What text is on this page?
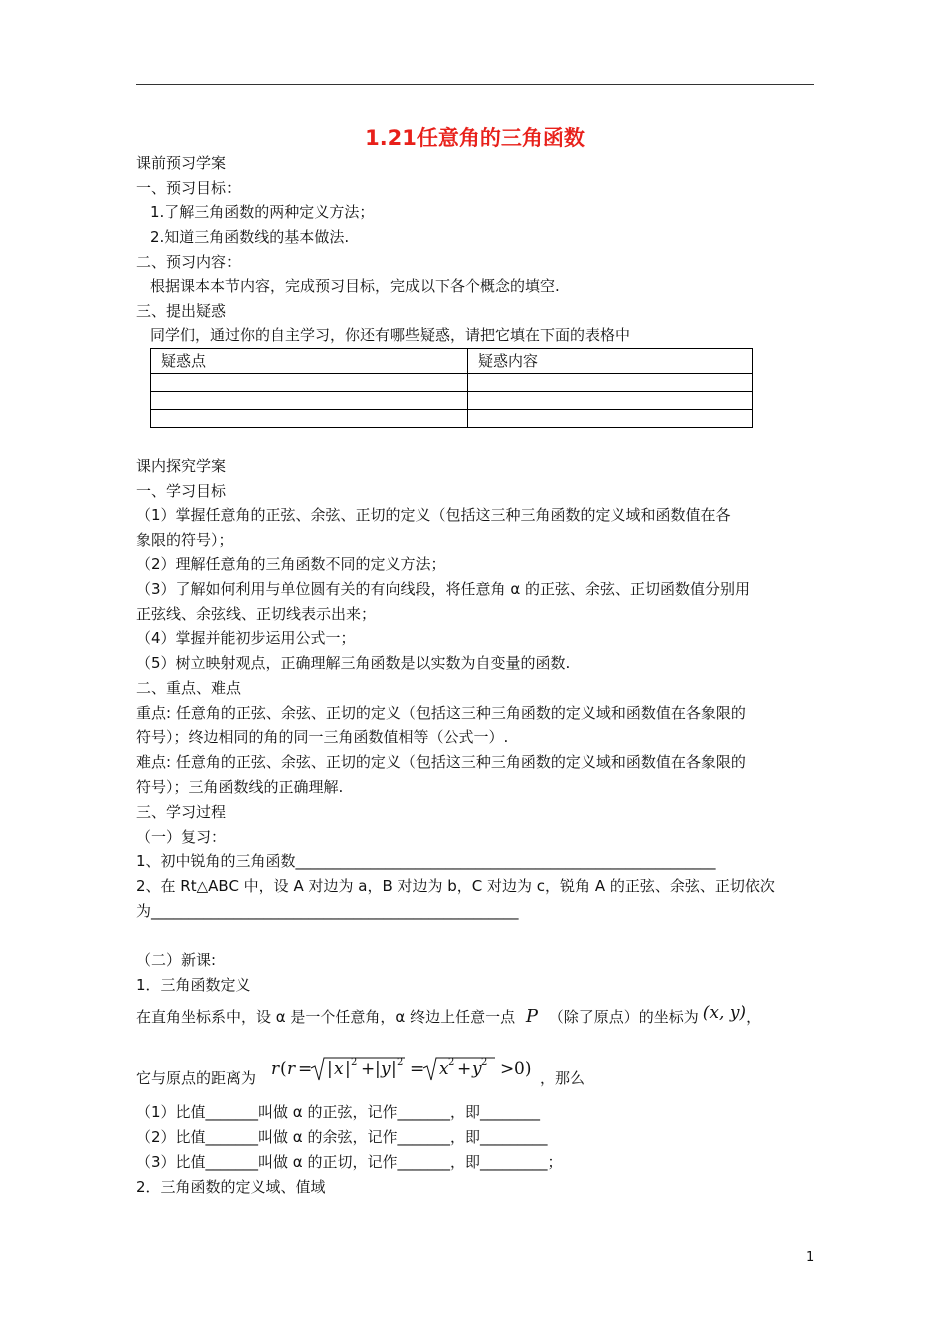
1.21任意角的三角函数
课前预习学案
一、预习目标：
1.了解三角函数的两种定义方法；
2.知道三角函数线的基本做法.
二、预习内容：
根据课本本节内容，完成预习目标，完成以下各个概念的填空.
三、提出疑惑
同学们，通过你的自主学习，你还有哪些疑惑，请把它填在下面的表格中
疑惑点	疑惑内容

课内探究学案
一、学习目标
（1）掌握任意角的正弦、余弦、正切的定义（包括这三种三角函数的定义域和函数值在各
象限的符号）；
（2）理解任意角的三角函数不同的定义方法；
（3）了解如何利用与单位圆有关的有向线段，将任意角 α 的正弦、余弦、正切函数值分别用
正弦线、余弦线、正切线表示出来；
（4）掌握并能初步运用公式一；
（5）树立映射观点，正确理解三角函数是以实数为自变量的函数.
二、重点、难点
重点: 任意角的正弦、余弦、正切的定义（包括这三种三角函数的定义域和函数值在各象限的
符号）；终边相同的角的同一三角函数值相等（公式一）.
难点: 任意角的正弦、余弦、正切的定义（包括这三种三角函数的定义域和函数值在各象限的
符号）；三角函数线的正确理解.
三、学习过程
（一）复习：
1、初中锐角的三角函数________________________________________________________
2、在 Rt△ABC 中，设 A 对边为 a，B 对边为 b，C 对边为 c，锐角 A 的正弦、余弦、正切依次
为_________________________________________________
（二）新课:
1．三角函数定义
在直角坐标系中，设 α 是一个任意角，α 终边上任意一点 P （除了原点）的坐标为 (x, y)，
它与原点的距离为 r ( r = | x | 2 + | y | 2 = x 2 + y 2 > 0) ，那么
（1）比值_______叫做 α 的正弦，记作_______，即________
（2）比值_______叫做 α 的余弦，记作_______，即_________
（3）比值_______叫做 α 的正切，记作_______，即_________；
2．三角函数的定义域、值域
1
